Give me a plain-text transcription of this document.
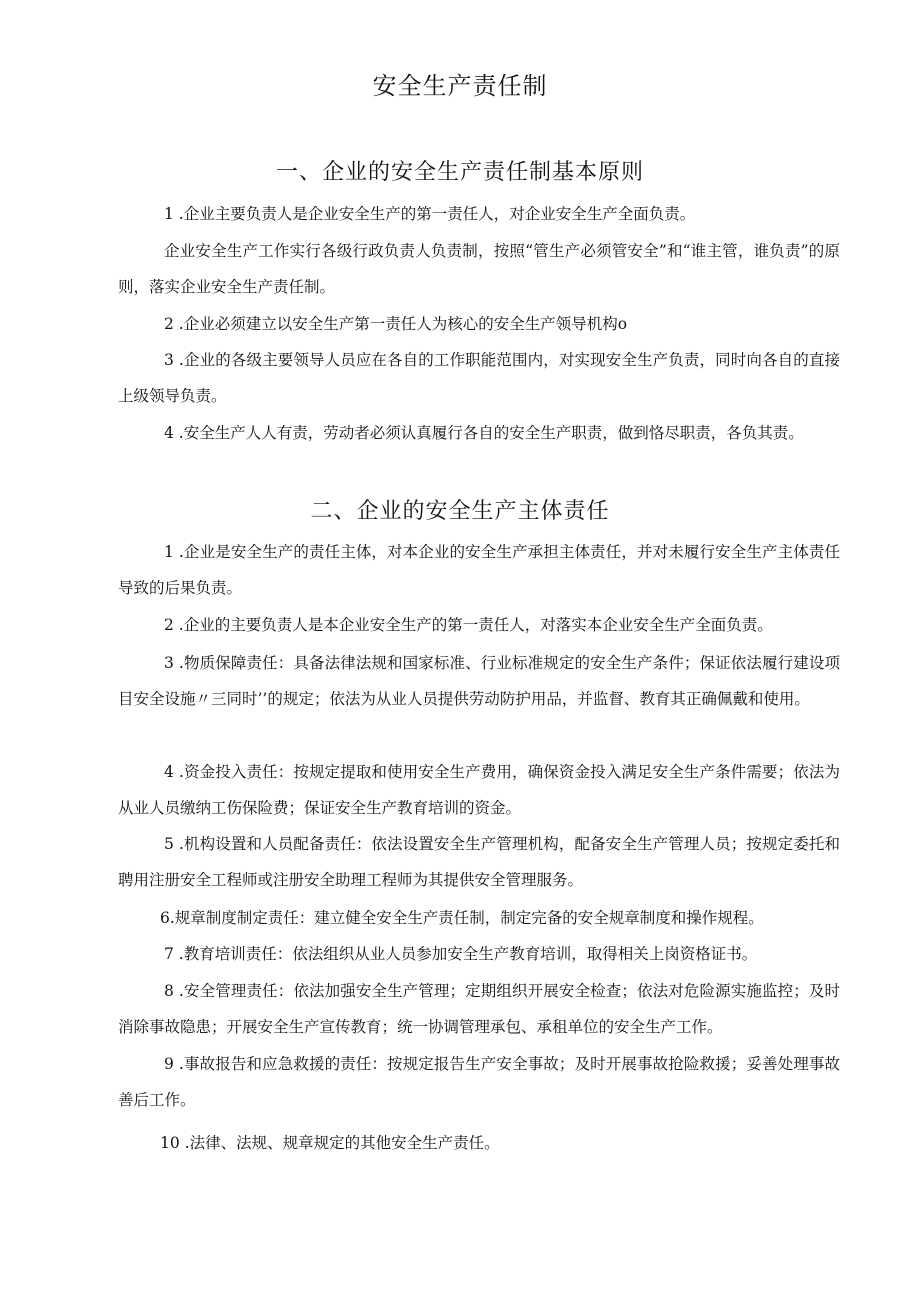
安全生产责任制
一、企业的安全生产责任制基本原则

1 .企业主要负责人是企业安全生产的第一责任人，对企业安全生产全面负责。

企业安全生产工作实行各级行政负责人负责制，按照“管生产必须管安全”和“谁主管，谁负责”的原则，落实企业安全生产责任制。

2 .企业必须建立以安全生产第一责任人为核心的安全生产领导机构o

3 .企业的各级主要领导人员应在各自的工作职能范围内，对实现安全生产负责，同时向各自的直接上级领导负责。

4 .安全生产人人有责，劳动者必须认真履行各自的安全生产职责，做到恪尽职责，各负其责。

二、企业的安全生产主体责任

1 .企业是安全生产的责任主体，对本企业的安全生产承担主体责任，并对未履行安全生产主体责任导致的后果负责。

2 .企业的主要负责人是本企业安全生产的第一责任人，对落实本企业安全生产全面负责。

3 .物质保障责任：具备法律法规和国家标准、行业标准规定的安全生产条件；保证依法履行建设项目安全设施〃三同时’’的规定；依法为从业人员提供劳动防护用品，并监督、教育其正确佩戴和使用。

4 .资金投入责任：按规定提取和使用安全生产费用，确保资金投入满足安全生产条件需要；依法为从业人员缴纳工伤保险费；保证安全生产教育培训的资金。

5 .机构设置和人员配备责任：依法设置安全生产管理机构，配备安全生产管理人员；按规定委托和聘用注册安全工程师或注册安全助理工程师为其提供安全管理服务。

6.规章制度制定责任：建立健全安全生产责任制，制定完备的安全规章制度和操作规程。

7 .教育培训责任：依法组织从业人员参加安全生产教育培训，取得相关上岗资格证书。

8 .安全管理责任：依法加强安全生产管理；定期组织开展安全检查；依法对危险源实施监控；及时消除事故隐患；开展安全生产宣传教育；统一协调管理承包、承租单位的安全生产工作。

9 .事故报告和应急救援的责任：按规定报告生产安全事故；及时开展事故抢险救援；妥善处理事故善后工作。

10 .法律、法规、规章规定的其他安全生产责任。
